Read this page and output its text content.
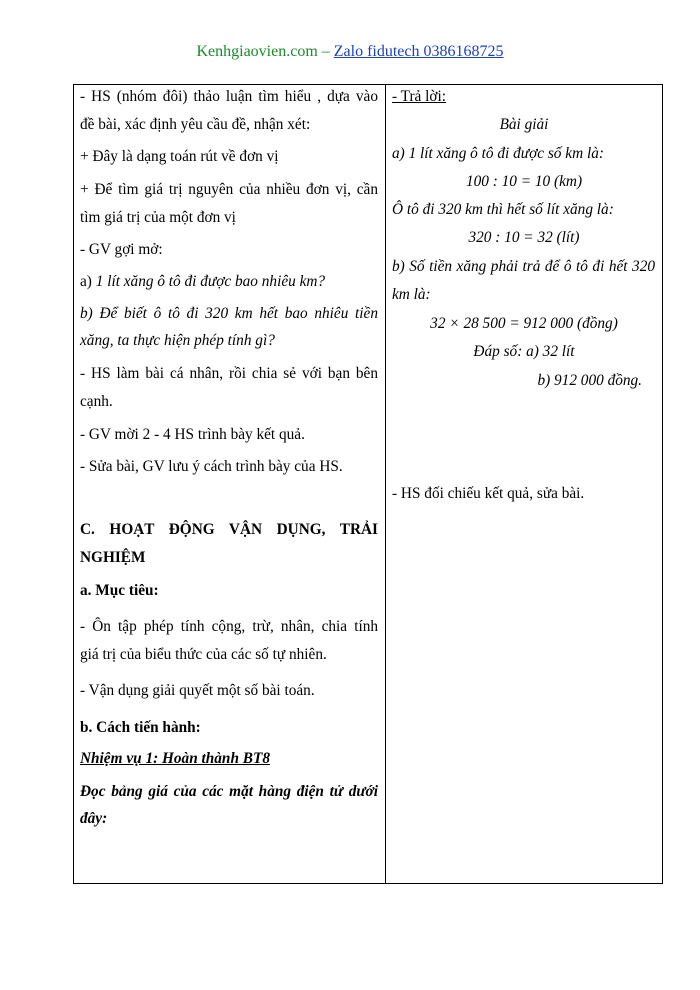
Kenhgiaovien.com – Zalo fidutech 0386168725
- HS (nhóm đôi) thảo luận tìm hiểu , dựa vào
đề bài, xác định yêu cầu đề, nhận xét:
+ Đây là dạng toán rút về đơn vị
+ Để tìm giá trị nguyên của nhiều đơn vị, cần
tìm giá trị của một đơn vị
- GV gợi mở:
a) 1 lít xăng ô tô đi được bao nhiêu km?
b) Để biết ô tô đi 320 km hết bao nhiêu tiền
xăng, ta thực hiện phép tính gì?
- HS làm bài cá nhân, rồi chia sẻ với bạn bên
cạnh.
- GV mời 2 - 4 HS trình bày kết quả.
- Sửa bài, GV lưu ý cách trình bày của HS.
C. HOẠT ĐỘNG VẬN DỤNG, TRẢI
NGHIỆM
a. Mục tiêu:
- Ôn tập phép tính cộng, trừ, nhân, chia tính
giá trị của biểu thức của các số tự nhiên.
- Vận dụng giải quyết một số bài toán.
b. Cách tiến hành:
Nhiệm vụ 1: Hoàn thành BT8
Đọc bảng giá của các mặt hàng điện tử dưới
đây:

- Trả lời:
Bài giải
a) 1 lít xăng ô tô đi được số km là:
100 : 10 = 10 (km)
Ô tô đi 320 km thì hết số lít xăng là:
320 : 10 = 32 (lít)
b) Số tiền xăng phải trả để ô tô đi hết 320
km là:
32 × 28 500 = 912 000 (đồng)
Đáp số: a) 32 lít
b) 912 000 đồng.
- HS đối chiếu kết quả, sửa bài.
